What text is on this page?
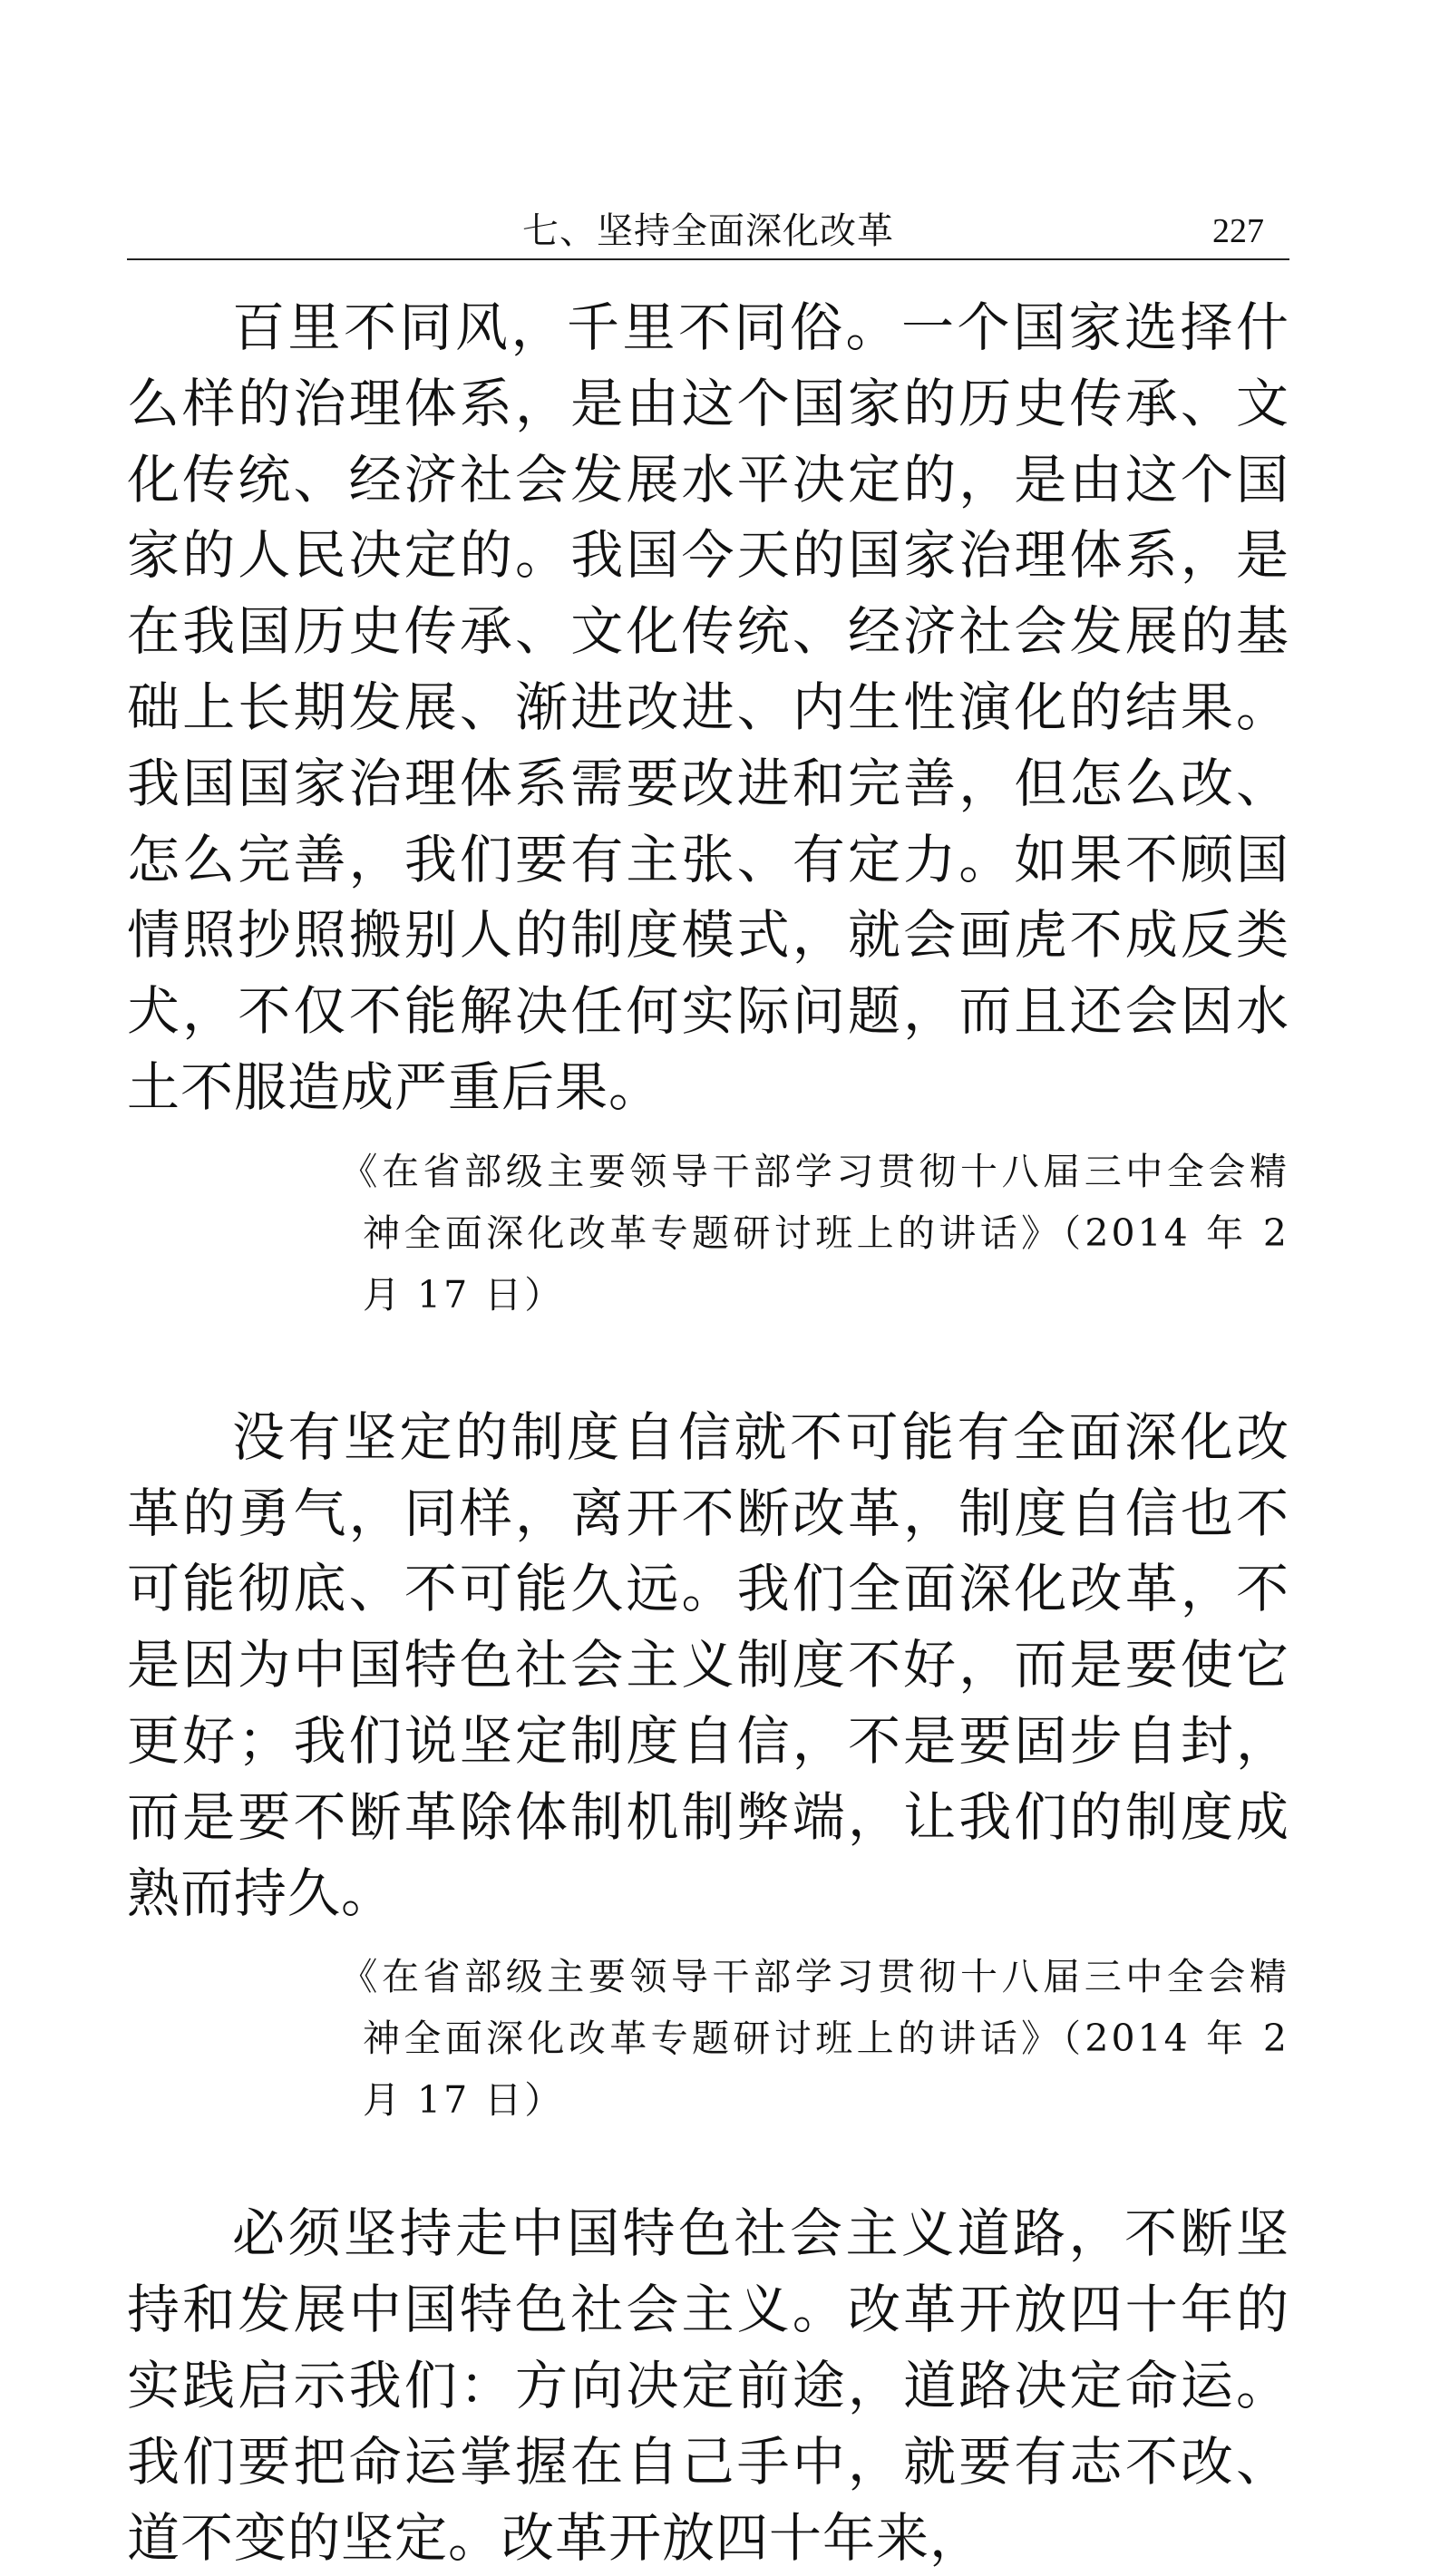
七、坚持全面深化改革	227

百里不同风，千里不同俗。一个国家选择什么样的治理体系，是由这个国家的历史传承、文化传统、经济社会发展水平决定的，是由这个国家的人民决定的。我国今天的国家治理体系，是在我国历史传承、文化传统、经济社会发展的基础上长期发展、渐进改进、内生性演化的结果。我国国家治理体系需要改进和完善，但怎么改、怎么完善，我们要有主张、有定力。如果不顾国情照抄照搬别人的制度模式，就会画虎不成反类犬，不仅不能解决任何实际问题，而且还会因水土不服造成严重后果。

《在省部级主要领导干部学习贯彻十八届三中全会精神全面深化改革专题研讨班上的讲话》（2014 年 2 月 17 日）

没有坚定的制度自信就不可能有全面深化改革的勇气，同样，离开不断改革，制度自信也不可能彻底、不可能久远。我们全面深化改革，不是因为中国特色社会主义制度不好，而是要使它更好；我们说坚定制度自信，不是要固步自封，而是要不断革除体制机制弊端，让我们的制度成熟而持久。

《在省部级主要领导干部学习贯彻十八届三中全会精神全面深化改革专题研讨班上的讲话》（2014 年 2 月 17 日）

必须坚持走中国特色社会主义道路，不断坚持和发展中国特色社会主义。改革开放四十年的实践启示我们：方向决定前途，道路决定命运。我们要把命运掌握在自己手中，就要有志不改、道不变的坚定。改革开放四十年来，
